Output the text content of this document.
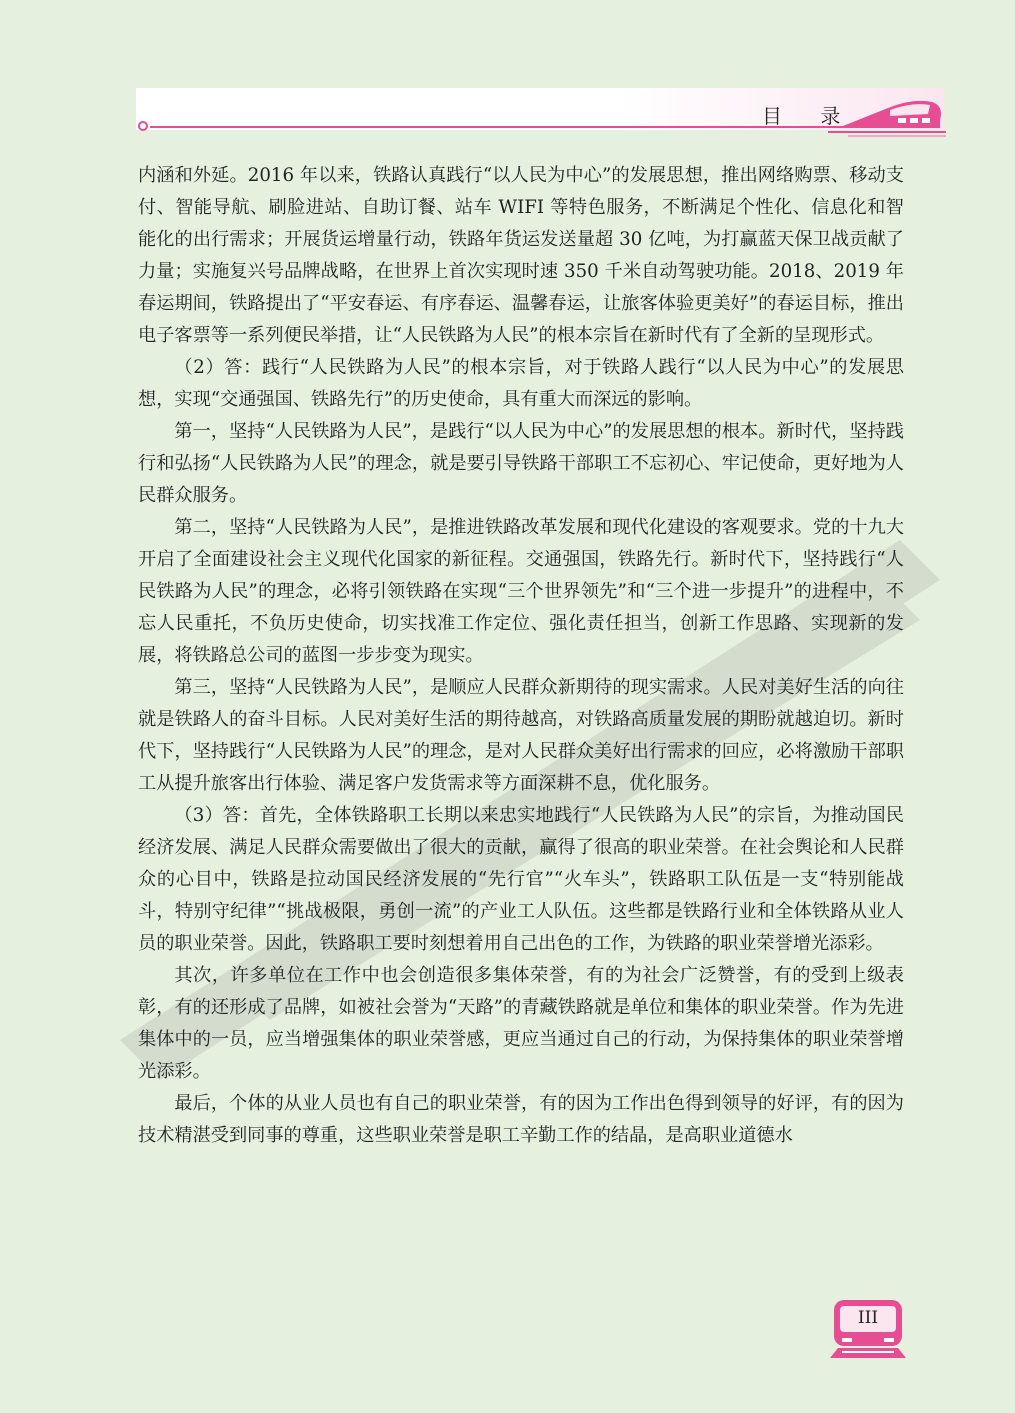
目 录

内涵和外延。2016 年以来，铁路认真践行“以人民为中心”的发展思想，推出网络购票、移动支付、智能导航、刷脸进站、自助订餐、站车 WIFI 等特色服务，不断满足个性化、信息化和智能化的出行需求；开展货运增量行动，铁路年货运发送量超 30 亿吨，为打赢蓝天保卫战贡献了力量；实施复兴号品牌战略，在世界上首次实现时速 350 千米自动驾驶功能。2018、2019 年春运期间，铁路提出了“平安春运、有序春运、温馨春运，让旅客体验更美好”的春运目标，推出电子客票等一系列便民举措，让“人民铁路为人民”的根本宗旨在新时代有了全新的呈现形式。

（2）答：践行“人民铁路为人民”的根本宗旨，对于铁路人践行“以人民为中心”的发展思想，实现“交通强国、铁路先行”的历史使命，具有重大而深远的影响。

第一，坚持“人民铁路为人民”，是践行“以人民为中心”的发展思想的根本。新时代，坚持践行和弘扬“人民铁路为人民”的理念，就是要引导铁路干部职工不忘初心、牢记使命，更好地为人民群众服务。

第二，坚持“人民铁路为人民”，是推进铁路改革发展和现代化建设的客观要求。党的十九大开启了全面建设社会主义现代化国家的新征程。交通强国，铁路先行。新时代下，坚持践行“人民铁路为人民”的理念，必将引领铁路在实现“三个世界领先”和“三个进一步提升”的进程中，不忘人民重托，不负历史使命，切实找准工作定位、强化责任担当，创新工作思路、实现新的发展，将铁路总公司的蓝图一步步变为现实。

第三，坚持“人民铁路为人民”，是顺应人民群众新期待的现实需求。人民对美好生活的向往就是铁路人的奋斗目标。人民对美好生活的期待越高，对铁路高质量发展的期盼就越迫切。新时代下，坚持践行“人民铁路为人民”的理念，是对人民群众美好出行需求的回应，必将激励干部职工从提升旅客出行体验、满足客户发货需求等方面深耕不息，优化服务。

（3）答：首先，全体铁路职工长期以来忠实地践行“人民铁路为人民”的宗旨，为推动国民经济发展、满足人民群众需要做出了很大的贡献，赢得了很高的职业荣誉。在社会舆论和人民群众的心目中，铁路是拉动国民经济发展的“先行官”“火车头”，铁路职工队伍是一支“特别能战斗，特别守纪律”“挑战极限，勇创一流”的产业工人队伍。这些都是铁路行业和全体铁路从业人员的职业荣誉。因此，铁路职工要时刻想着用自己出色的工作，为铁路的职业荣誉增光添彩。

其次，许多单位在工作中也会创造很多集体荣誉，有的为社会广泛赞誉，有的受到上级表彰，有的还形成了品牌，如被社会誉为“天路”的青藏铁路就是单位和集体的职业荣誉。作为先进集体中的一员，应当增强集体的职业荣誉感，更应当通过自己的行动，为保持集体的职业荣誉增光添彩。

最后，个体的从业人员也有自己的职业荣誉，有的因为工作出色得到领导的好评，有的因为技术精湛受到同事的尊重，这些职业荣誉是职工辛勤工作的结晶，是高职业道德水

III
